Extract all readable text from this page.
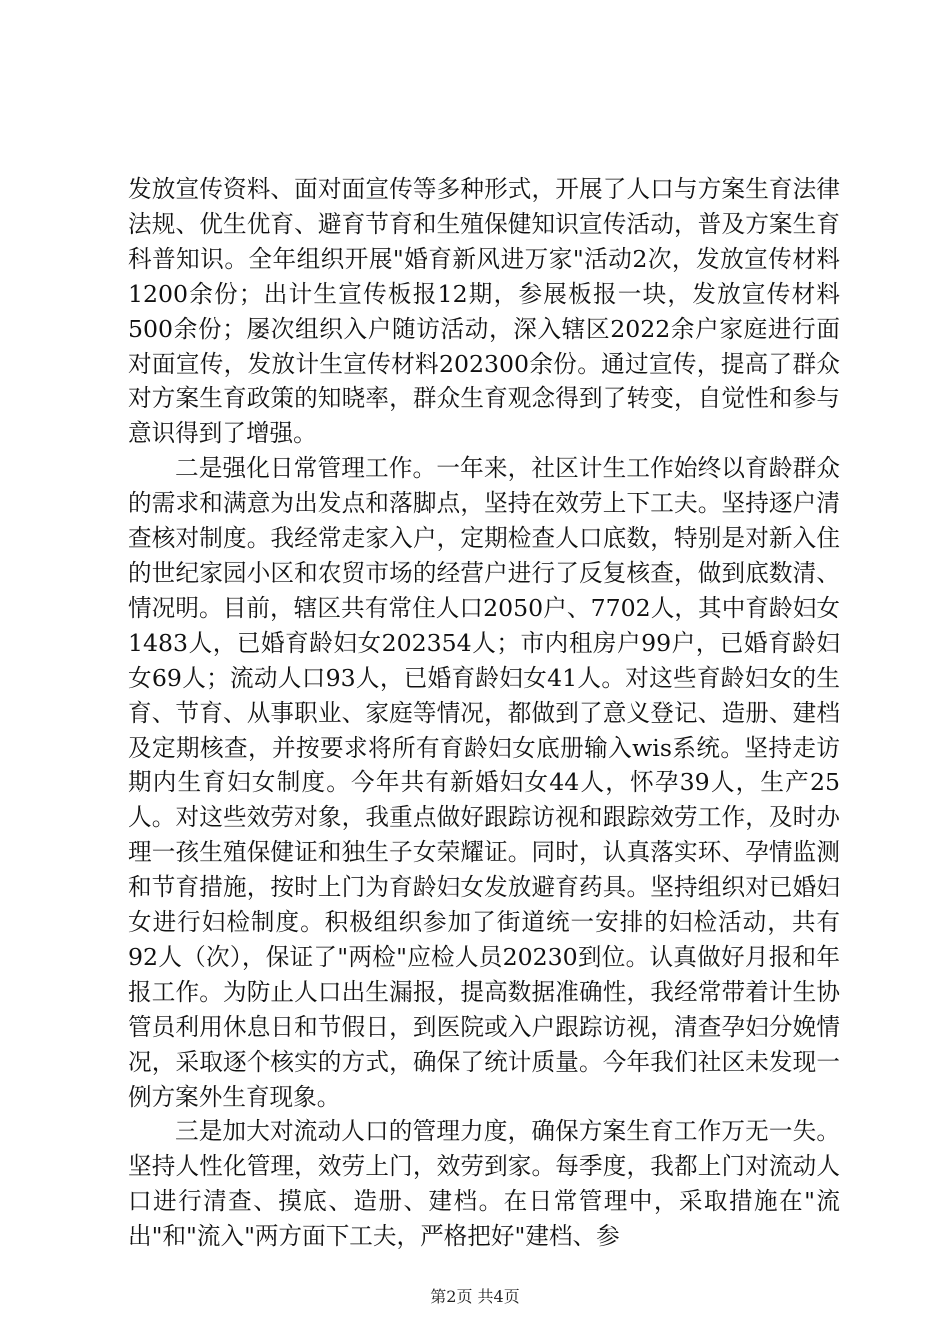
发放宣传资料、面对面宣传等多种形式，开展了人口与方案生育法律法规、优生优育、避育节育和生殖保健知识宣传活动，普及方案生育科普知识。全年组织开展"婚育新风进万家"活动2次，发放宣传材料1200余份；出计生宣传板报12期，参展板报一块，发放宣传材料500余份；屡次组织入户随访活动，深入辖区2022余户家庭进行面对面宣传，发放计生宣传材料202300余份。通过宣传，提高了群众对方案生育政策的知晓率，群众生育观念得到了转变，自觉性和参与意识得到了增强。

二是强化日常管理工作。一年来，社区计生工作始终以育龄群众的需求和满意为出发点和落脚点，坚持在效劳上下工夫。坚持逐户清查核对制度。我经常走家入户，定期检查人口底数，特别是对新入住的世纪家园小区和农贸市场的经营户进行了反复核查，做到底数清、情况明。目前，辖区共有常住人口2050户、7702人，其中育龄妇女1483人，已婚育龄妇女202354人；市内租房户99户，已婚育龄妇女69人；流动人口93人，已婚育龄妇女41人。对这些育龄妇女的生育、节育、从事职业、家庭等情况，都做到了意义登记、造册、建档及定期核查，并按要求将所有育龄妇女底册输入wis系统。坚持走访期内生育妇女制度。今年共有新婚妇女44人，怀孕39人，生产25人。对这些效劳对象，我重点做好跟踪访视和跟踪效劳工作，及时办理一孩生殖保健证和独生子女荣耀证。同时，认真落实环、孕情监测和节育措施，按时上门为育龄妇女发放避育药具。坚持组织对已婚妇女进行妇检制度。积极组织参加了街道统一安排的妇检活动，共有92人（次），保证了"两检"应检人员20230到位。认真做好月报和年报工作。为防止人口出生漏报，提高数据准确性，我经常带着计生协管员利用休息日和节假日，到医院或入户跟踪访视，清查孕妇分娩情况，采取逐个核实的方式，确保了统计质量。今年我们社区未发现一例方案外生育现象。

三是加大对流动人口的管理力度，确保方案生育工作万无一失。坚持人性化管理，效劳上门，效劳到家。每季度，我都上门对流动人口进行清查、摸底、造册、建档。在日常管理中，采取措施在"流出"和"流入"两方面下工夫，严格把好"建档、参

第2页 共4页
